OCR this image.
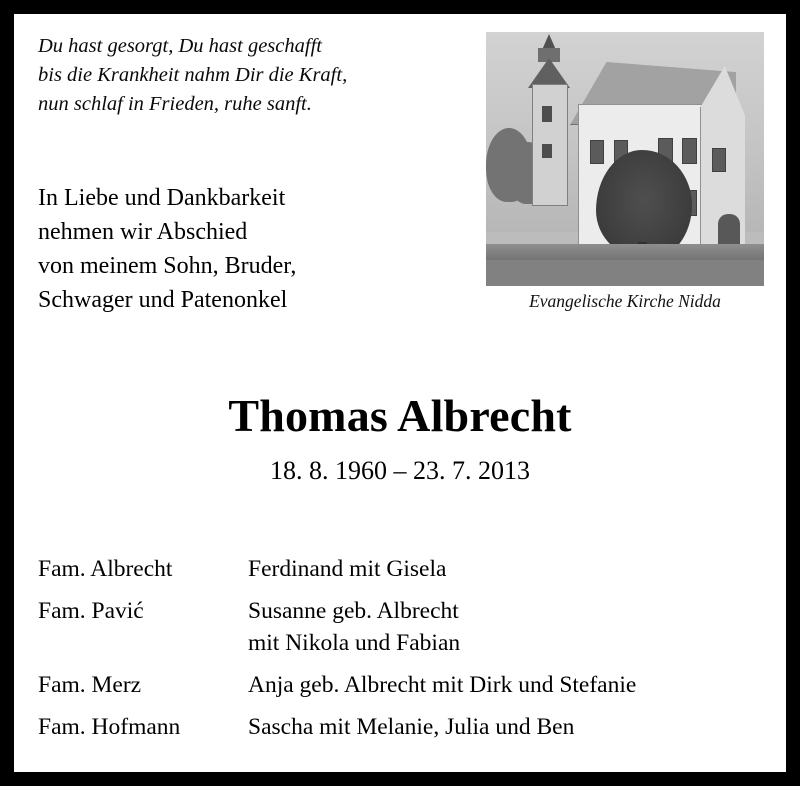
Du hast gesorgt, Du hast geschafft
bis die Krankheit nahm Dir die Kraft,
nun schlaf in Frieden, ruhe sanft.
In Liebe und Dankbarkeit
nehmen wir Abschied
von meinem Sohn, Bruder,
Schwager und Patenonkel	Evangelische Kirche Nidda
Thomas Albrecht
18. 8. 1960 – 23. 7. 2013
Fam. Albrecht	Ferdinand mit Gisela
Fam. Pavić	Susanne geb. Albrecht
mit Nikola und Fabian
Fam. Merz	Anja geb. Albrecht mit Dirk und Stefanie
Fam. Hofmann	Sascha mit Melanie, Julia und Ben
